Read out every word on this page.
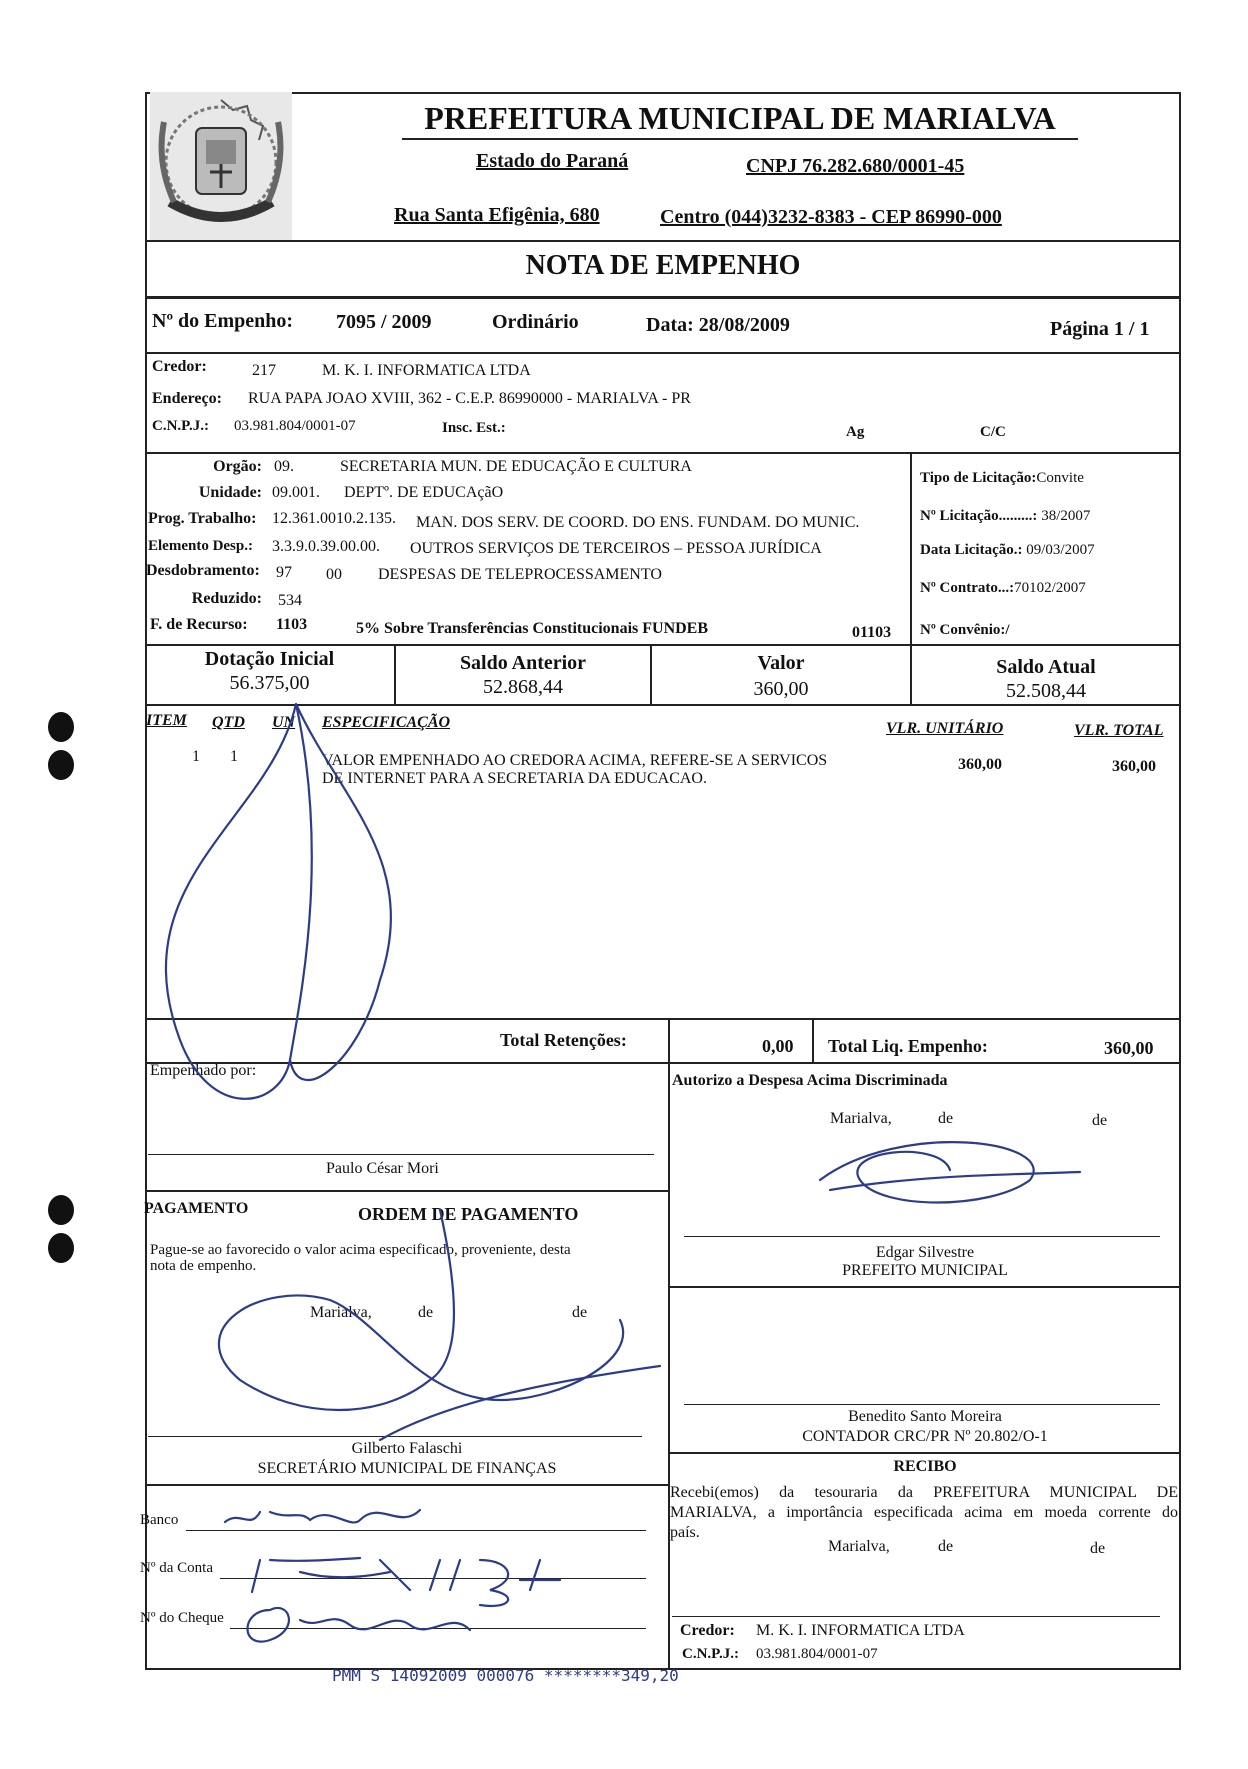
PREFEITURA MUNICIPAL DE MARIALVA
Estado do Paraná	CNPJ 76.282.680/0001-45
Rua Santa Efigênia, 680	Centro (044)3232-8383 - CEP 86990-000
NOTA DE EMPENHO
Nº do Empenho: 7095 / 2009	Ordinário	Data: 28/08/2009	Página 1 / 1
Credor:	217	M. K. I. INFORMATICA LTDA
Endereço: RUA PAPA JOAO XVIII, 362 - C.E.P. 86990000 - MARIALVA - PR
C.N.P.J.: 03.981.804/0001-07	Insc. Est.:	Ag	C/C
Orgão: 09.	SECRETARIA MUN. DE EDUCAÇÃO E CULTURA
Unidade: 09.001. DEPTº. DE EDUCAçãO
Prog. Trabalho: 12.361.0010.2.135. MAN. DOS SERV. DE COORD. DO ENS. FUNDAM. DO MUNIC.
Elemento Desp.: 3.3.9.0.39.00.00. OUTROS SERVIÇOS DE TERCEIROS – PESSOA JURÍDICA
Desdobramento: 97 00 DESPESAS DE TELEPROCESSAMENTO
Reduzido: 534
F. de Recurso: 1103	5% Sobre Transferências Constitucionais FUNDEB	01103
Tipo de Licitação:Convite
Nº Licitação.........: 38/2007
Data Licitação.: 09/03/2007
Nº Contrato...:70102/2007
Nº Convênio:/
Dotação Inicial
56.375,00
Saldo Anterior
52.868,44
Valor
360,00
Saldo Atual
52.508,44
ITEM QTD UN ESPECIFICAÇÃO	VLR. UNITÁRIO	VLR. TOTAL
1 1	VALOR EMPENHADO AO CREDORA ACIMA, REFERE-SE A SERVICOS
DE INTERNET PARA A SECRETARIA DA EDUCACAO.
360,00	360,00
Total Retenções:	0,00 Total Liq. Empenho:	360,00
Empenhado por:
Paulo César Mori
Autorizo a Despesa Acima Discriminada
Marialva,	de	de
Edgar Silvestre
PREFEITO MUNICIPAL
PAGAMENTO	ORDEM DE PAGAMENTO
Pague-se ao favorecido o valor acima especificado, proveniente, desta
nota de empenho.
Marialva,	de	de
Gilberto Falaschi
SECRETÁRIO MUNICIPAL DE FINANÇAS
Banco
Nº da Conta
Nº do Cheque
Benedito Santo Moreira
CONTADOR CRC/PR Nº 20.802/O-1
RECIBO
Recebi(emos) da tesouraria da PREFEITURA MUNICIPAL DE
MARIALVA, a importância especificada acima em moeda corrente do
país.
Marialva,	de	de
Credor: M. K. I. INFORMATICA LTDA
C.N.P.J.: 03.981.804/0001-07
PMM S 14092009 000076 ********349,20
